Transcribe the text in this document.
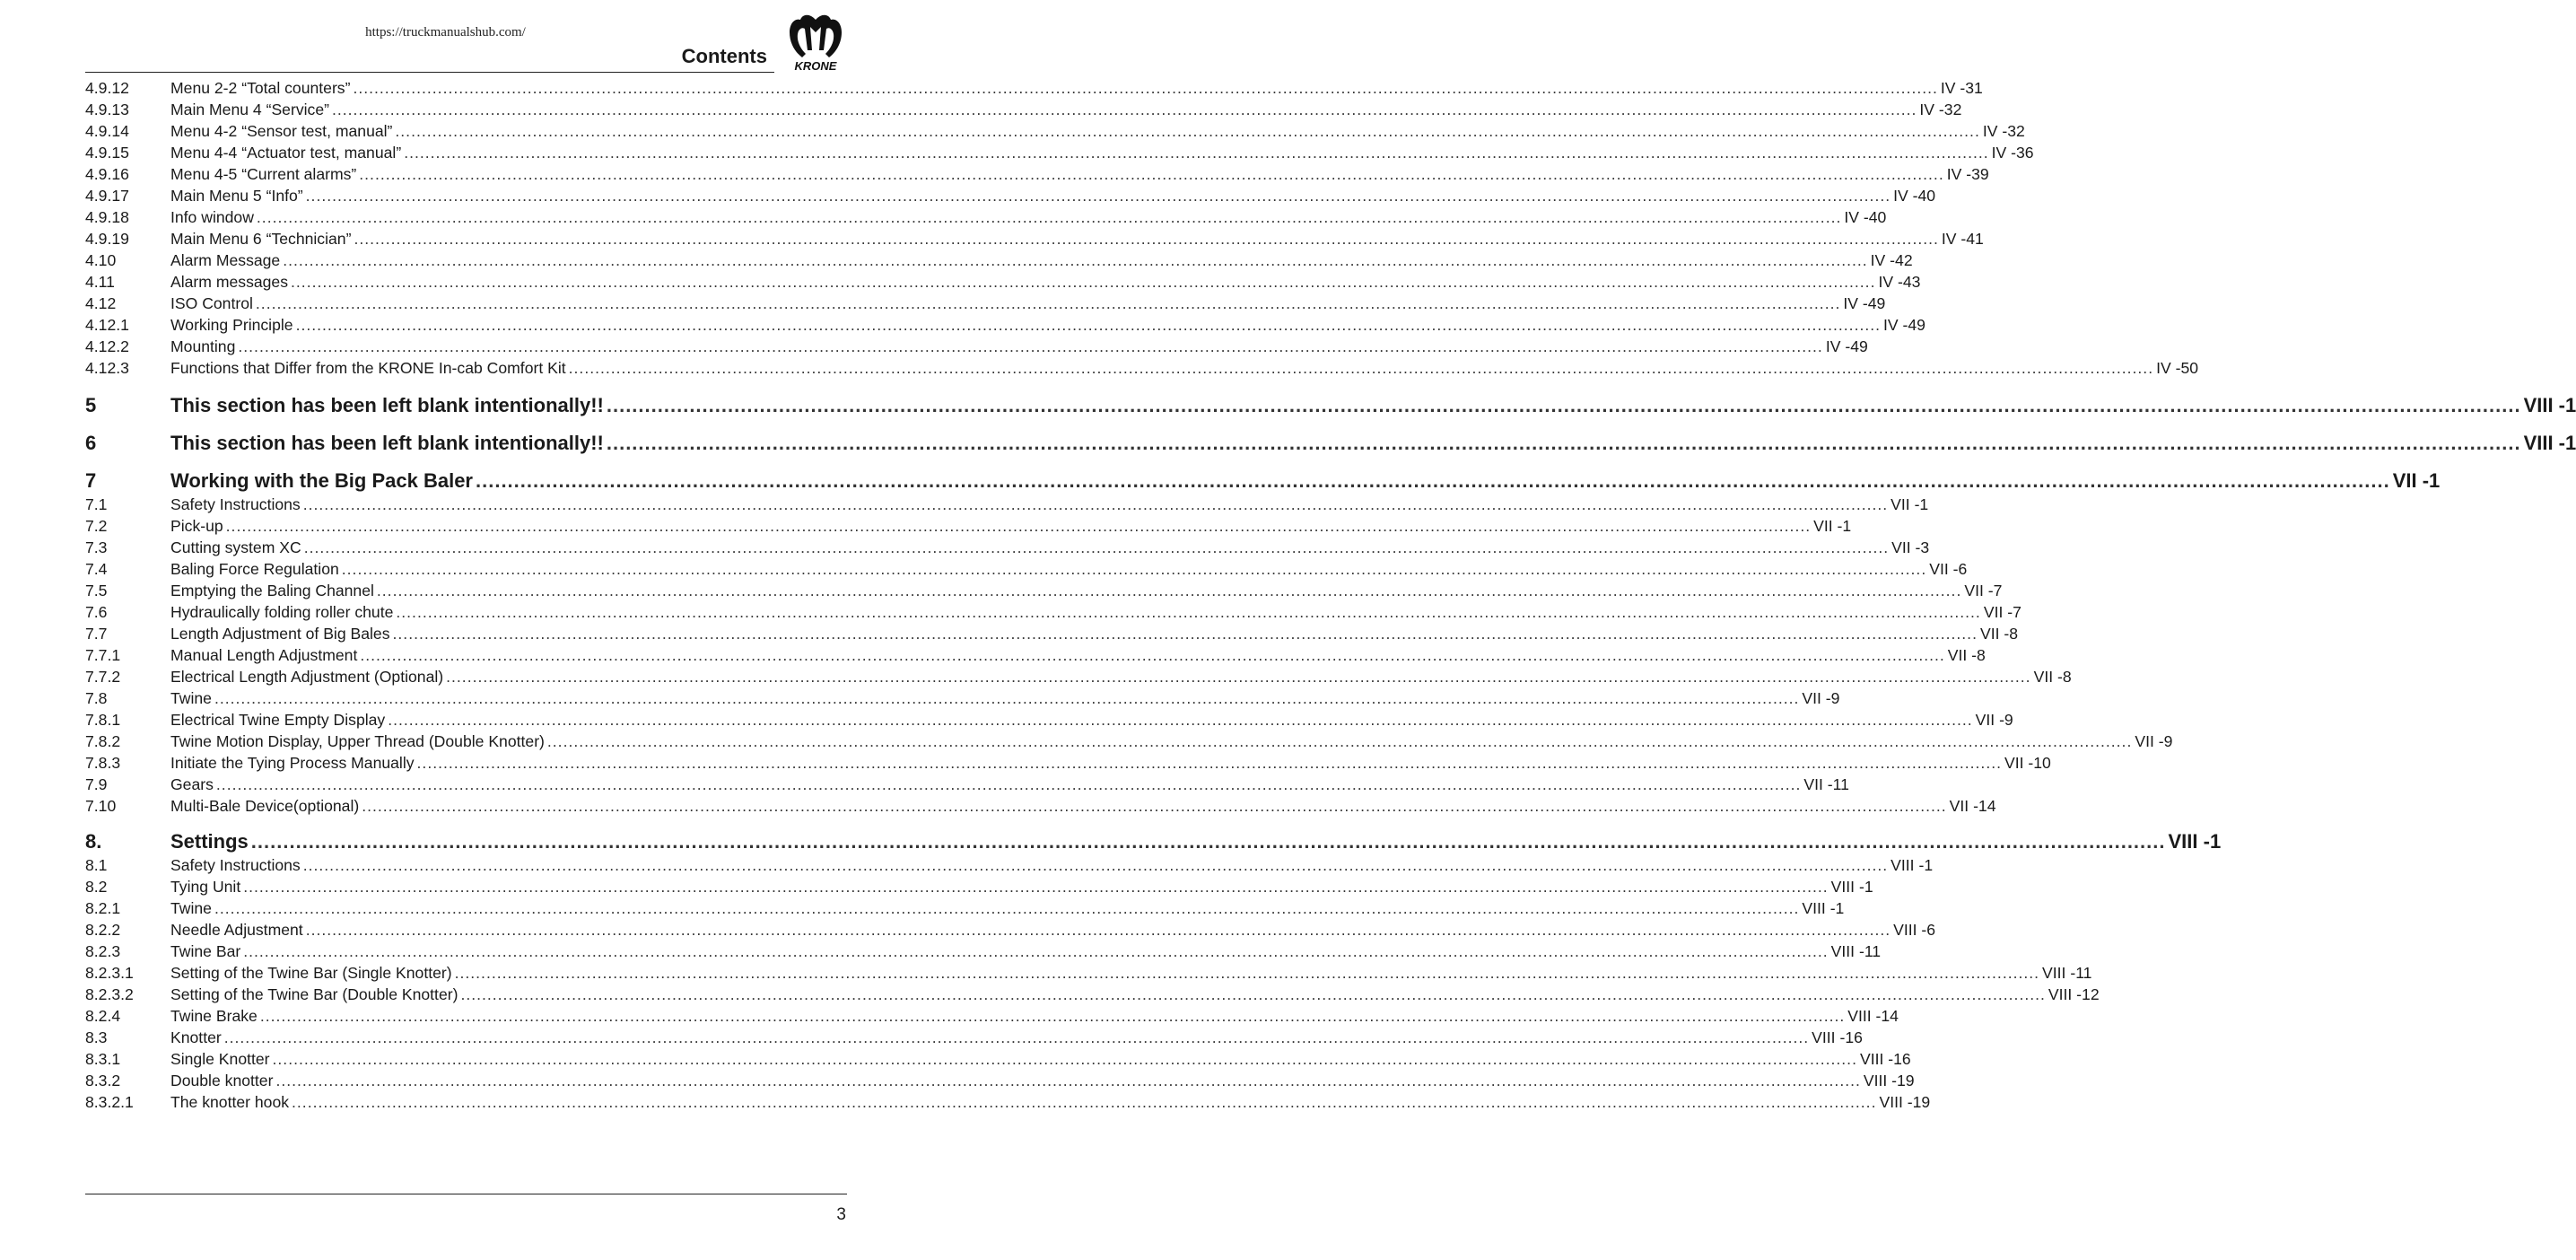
https://truckmanualshub.com/
Contents KRONE
4.9.12	Menu 2-2 “Total counters” ............................................................................................................................................................................................................................................................................................................ IV -31
4.9.13	Main Menu 4 “Service” ............................................................................................................................................................................................................................................................................................................ IV -32
4.9.14	Menu 4-2 “Sensor test, manual” ............................................................................................................................................................................................................................................................................................................ IV -32
4.9.15	Menu 4-4 “Actuator test, manual” ............................................................................................................................................................................................................................................................................................................ IV -36
4.9.16	Menu 4-5 “Current alarms” ............................................................................................................................................................................................................................................................................................................ IV -39
4.9.17	Main Menu 5 “Info” ............................................................................................................................................................................................................................................................................................................ IV -40
4.9.18	Info window ............................................................................................................................................................................................................................................................................................................ IV -40
4.9.19	Main Menu 6 “Technician” ............................................................................................................................................................................................................................................................................................................ IV -41
4.10	Alarm Message ............................................................................................................................................................................................................................................................................................................ IV -42
4.11	Alarm messages ............................................................................................................................................................................................................................................................................................................ IV -43
4.12	ISO Control ............................................................................................................................................................................................................................................................................................................ IV -49
4.12.1	Working Principle ............................................................................................................................................................................................................................................................................................................ IV -49
4.12.2	Mounting ............................................................................................................................................................................................................................................................................................................ IV -49
4.12.3	Functions that Differ from the KRONE In-cab Comfort Kit ............................................................................................................................................................................................................................................................................................................ IV -50
5	This section has been left blank intentionally!! ............................................................................................................................................................................................................................................................................................................ VIII -1
6	This section has been left blank intentionally!! ............................................................................................................................................................................................................................................................................................................ VIII -1
7	Working with the Big Pack Baler ............................................................................................................................................................................................................................................................................................................ VII -1
7.1	Safety Instructions ............................................................................................................................................................................................................................................................................................................ VII -1
7.2	Pick-up ............................................................................................................................................................................................................................................................................................................ VII -1
7.3	Cutting system XC ............................................................................................................................................................................................................................................................................................................ VII -3
7.4	Baling Force Regulation ............................................................................................................................................................................................................................................................................................................ VII -6
7.5	Emptying the Baling Channel ............................................................................................................................................................................................................................................................................................................ VII -7
7.6	Hydraulically folding roller chute ............................................................................................................................................................................................................................................................................................................ VII -7
7.7	Length Adjustment of Big Bales ............................................................................................................................................................................................................................................................................................................ VII -8
7.7.1	Manual Length Adjustment ............................................................................................................................................................................................................................................................................................................ VII -8
7.7.2	Electrical Length Adjustment (Optional) ............................................................................................................................................................................................................................................................................................................ VII -8
7.8	Twine ............................................................................................................................................................................................................................................................................................................ VII -9
7.8.1	Electrical Twine Empty Display ............................................................................................................................................................................................................................................................................................................ VII -9
7.8.2	Twine Motion Display, Upper Thread (Double Knotter) ............................................................................................................................................................................................................................................................................................................ VII -9
7.8.3	Initiate the Tying Process Manually ............................................................................................................................................................................................................................................................................................................ VII -10
7.9	Gears ............................................................................................................................................................................................................................................................................................................ VII -11
7.10	Multi-Bale Device(optional) ............................................................................................................................................................................................................................................................................................................ VII -14
8.	Settings ............................................................................................................................................................................................................................................................................................................ VIII -1
8.1	Safety Instructions ............................................................................................................................................................................................................................................................................................................ VIII -1
8.2	Tying Unit ............................................................................................................................................................................................................................................................................................................ VIII -1
8.2.1	Twine ............................................................................................................................................................................................................................................................................................................ VIII -1
8.2.2	Needle Adjustment ............................................................................................................................................................................................................................................................................................................ VIII -6
8.2.3	Twine Bar ............................................................................................................................................................................................................................................................................................................ VIII -11
8.2.3.1	Setting of the Twine Bar (Single Knotter) ............................................................................................................................................................................................................................................................................................................ VIII -11
8.2.3.2	Setting of the Twine Bar (Double Knotter) ............................................................................................................................................................................................................................................................................................................ VIII -12
8.2.4	Twine Brake ............................................................................................................................................................................................................................................................................................................ VIII -14
8.3	Knotter ............................................................................................................................................................................................................................................................................................................ VIII -16
8.3.1	Single Knotter ............................................................................................................................................................................................................................................................................................................ VIII -16
8.3.2	Double knotter ............................................................................................................................................................................................................................................................................................................ VIII -19
8.3.2.1	The knotter hook ............................................................................................................................................................................................................................................................................................................ VIII -19
3
